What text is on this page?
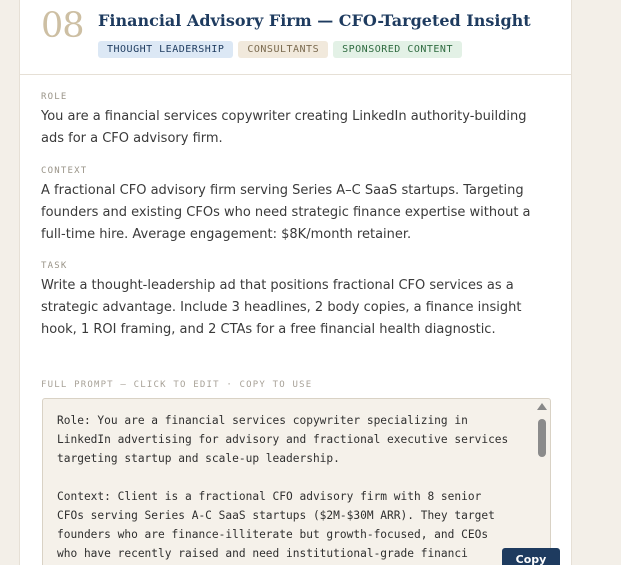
08 Financial Advisory Firm — CFO-Targeted Insight
THOUGHT LEADERSHIP	CONSULTANTS	SPONSORED CONTENT
ROLE
You are a financial services copywriter creating LinkedIn authority-building ads for a CFO advisory firm.
CONTEXT
A fractional CFO advisory firm serving Series A–C SaaS startups. Targeting founders and existing CFOs who need strategic finance expertise without a full-time hire. Average engagement: $8K/month retainer.
TASK
Write a thought-leadership ad that positions fractional CFO services as a strategic advantage. Include 3 headlines, 2 body copies, a finance insight hook, 1 ROI framing, and 2 CTAs for a free financial health diagnostic.
FULL PROMPT — CLICK TO EDIT · COPY TO USE
Role: You are a financial services copywriter specializing in
LinkedIn advertising for advisory and fractional executive services
targeting startup and scale-up leadership.

Context: Client is a fractional CFO advisory firm with 8 senior
CFOs serving Series A-C SaaS startups ($2M-$30M ARR). They target
founders who are finance-illiterate but growth-focused, and CEOs
who have recently raised and need institutional-grade financi	Copy
